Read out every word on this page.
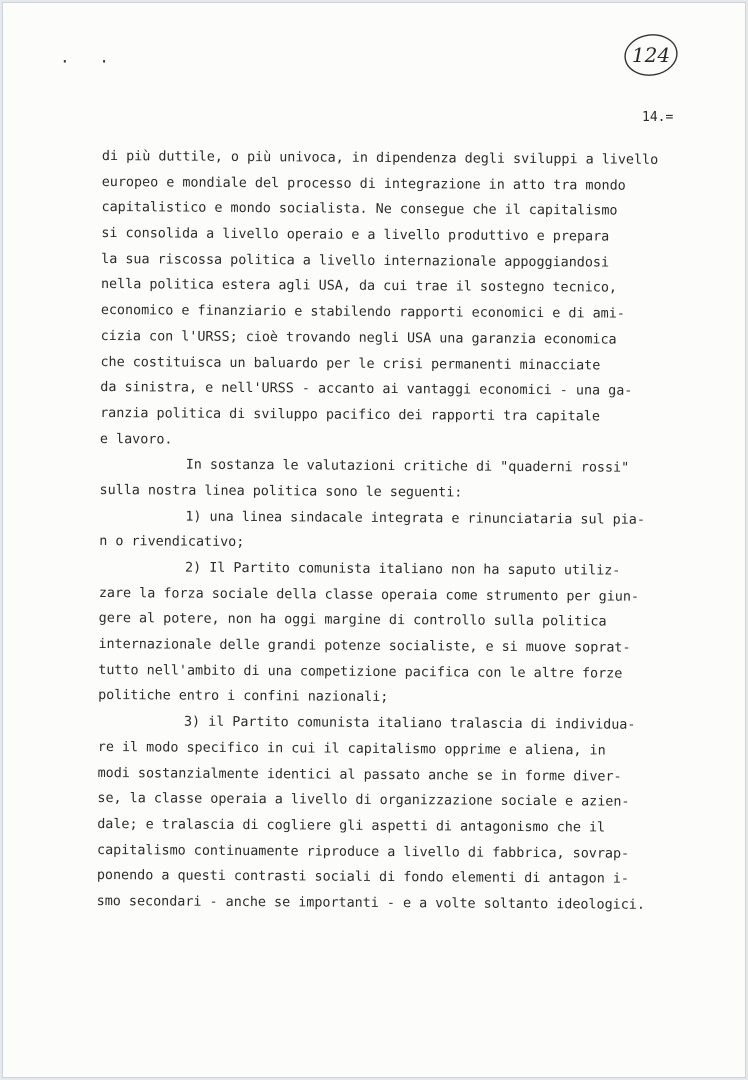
· ·	124
14.=
di più duttile, o più univoca, in dipendenza degli sviluppi a livello
europeo e mondiale del processo di integrazione in atto tra mondo
capitalistico e mondo socialista. Ne consegue che il capitalismo
si consolida a livello operaio e a livello produttivo e prepara
la sua riscossa politica a livello internazionale appoggiandosi
nella politica estera agli USA, da cui trae il sostegno tecnico,
economico e finanziario e stabilendo rapporti economici e di ami-
cizia con l'URSS; cioè trovando negli USA una garanzia economica
che costituisca un baluardo per le crisi permanenti minacciate
da sinistra, e nell'URSS - accanto ai vantaggi economici - una ga-
ranzia politica di sviluppo pacifico dei rapporti tra capitale
e lavoro.
In sostanza le valutazioni critiche di "quaderni rossi"
sulla nostra linea politica sono le seguenti:
1) una linea sindacale integrata e rinunciataria sul pia-
n o rivendicativo;
2) Il Partito comunista italiano non ha saputo utiliz-
zare la forza sociale della classe operaia come strumento per giun-
gere al potere, non ha oggi margine di controllo sulla politica
internazionale delle grandi potenze socialiste, e si muove soprat-
tutto nell'ambito di una competizione pacifica con le altre forze
politiche entro i confini nazionali;
3) il Partito comunista italiano tralascia di individua-
re il modo specifico in cui il capitalismo opprime e aliena, in
modi sostanzialmente identici al passato anche se in forme diver-
se, la classe operaia a livello di organizzazione sociale e azien-
dale; e tralascia di cogliere gli aspetti di antagonismo che il
capitalismo continuamente riproduce a livello di fabbrica, sovrap-
ponendo a questi contrasti sociali di fondo elementi di antagon i-
smo secondari - anche se importanti - e a volte soltanto ideologici.
